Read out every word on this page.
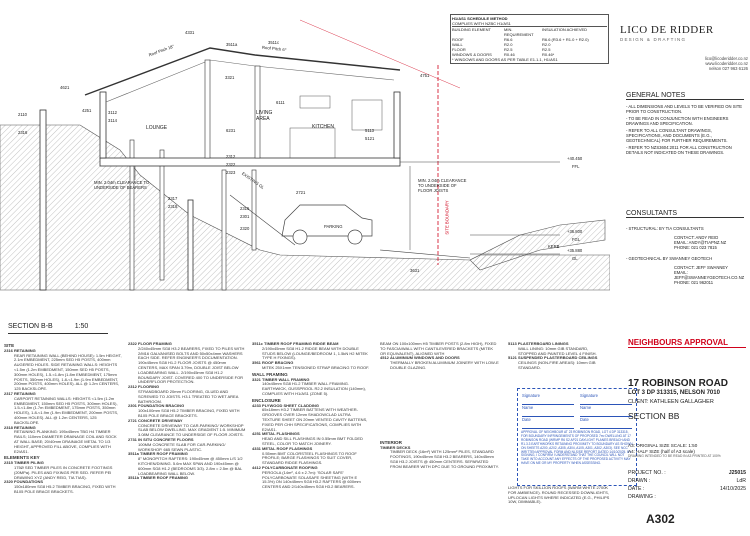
LOUNGE
LIVING AREA
KITCHEN
PARKING
Roof Pitch 18°	Roof Pitch 6°
MIN. 2.04m CLEARANCE TO UNDERSIDE OF FLOOR JOISTS
MIN. 2.04m CLEARANCE TO UNDERSIDE OF BEARERS
SITE BOUNDARY
KERB
EXISTING GL
+40.450
FFL
+36.800
FGL
+35.880
GL
4331
3511a	3511c
4621
3321	4751
2110
2316
2317
2318
3112
3114
4251
6111
6231	5113
5121
2312
2322
2323
2315
2301
2320
2721
3631
SECTION B-B	1:50
H1/AS1 SCHEDULE METHOD
COMPLIES WITH NZBC H1/AS1
BUILDING ELEMENT	MIN. REQUIREMENT
INSULATION ACHIEVED
ROOF	R6.6	R6.6 (R3.6 + R1.0 + R2.0)
WALL	R2.0	R2.0
FLOOR	R2.5	R2.5
WINDOWS & DOORS	R0.46	R0.46*
* WINDOWS AND DOORS AS PER TABLE E1.1.1, H1/AS1
LICO DE RIDDER
DESIGN & DRAFTING
lico@licoderidder.co.nz
www.licoderidder.co.nz
nelson 027 963 6126
GENERAL NOTES
- ALL DIMENSIONS AND LEVELS TO BE VERIFIED ON SITE PRIOR TO CONSTRUCTION.
- TO BE READ IN CONJUNCTION WITH ENGINEERS DRAWINGS AND SPECIFICATION.
- REFER TO ALL CONSULTANT DRAWINGS, SPECIFICATIONS, AND DOCUMENTS (E.G., GEOTECHNICAL) FOR FURTHER REQUIREMENTS.
- REFER TO NZS3604:2011 FOR ALL CONSTRUCTION DETAILS NOT INDICATED ON THESE DRAWINGS.
CONSULTANTS
- STRUCTURAL: BY TIA CONSULTANTS
CONTACT: ANDY REID
EMAIL: ANDY@TIAPNZ.NZ
PHONE: 021 023 7815
- GEOTECHNICAL BY SWANNEY GEOTECH
CONTACT: JEFF SWANNEY
EMAIL: JEFF@SWANNEYGEOTECH.CO.NZ
PHONE: 021 962011
NEIGHBOURS APPROVAL
Signature
Name
Date
Signature
Name
Date
APPROVAL OF NEIGHBOUR AT 23 ROBINSON ROAD, LOT 4 DP 313315, FOR BOUNDARY INFRINGEMENTS OF PROPOSED 7m² DWELLING AT 17 ROBINSON ROAD (WRMP R6 S2 AP21 DAYLIGHT PLANES BREACH AND R1.3.3 EARTHWORKS RETAINING PROXIMITY TO BOUNDARY AS SHOWN ON SHEETS A200, A202, A305, A304, A105, A301, A302, A303). SEE NCC WRITTEN APPROVAL FORM AND NLS/SE REPORT DATED 14/10/2025. BY SIGNING, I CONFIRM I UNDERSTAND THAT THE COUNCIL WILL NOT TAKE INTO ACCOUNT ANY EFFECTS OF THE PROPOSED ACTIVITY MAY HAVE ON ME OR MY PROPERTY WHEN ASSESSING.
17 ROBINSON ROAD
LOT 3 DP 313315, NELSON 7010
CLIENT: KATHLEEN GALLAGHER
SECTION BB
A3: ORIGINAL SIZE SCALE: 1:50
A4: HALF SIZE (half of A3 scale)
DRAWING INTENDED TO BE READ IN A3 PRINTED AT 100%
PROJECT NO. :	J25015
DRAWN :	LdR
DATE :	14/10/2025
DRAWING :
A302
SITE
2316 RETAINING
REAR RETAINING WALL (BEHIND HOUSE): 1.5m HEIGHT, 2.1m EMBEDMENT, 225mm SED H5 POSTS, 400mm AUGERED HOLES. SIDE RETAINING WALLS: HEIGHTS <1.5m (1.2m EMBEDMENT, 150mm SED H5 POSTS, 300mm HOLES), 1.5-<1.8m (1.8m EMBEDMENT, 175mm POSTS, 350mm HOLES), 1.8-<1.9m (1.9m EMBEDMENT, 200mm POSTS, 400mm HOLES). ALL @ 1.2m CENTERS, 125 BACKSLOPE.
2317 RETAINING
CARPORT RETAINING WALLS: HEIGHTS <1.5m (1.2m EMBEDMENT, 150mm SED H5 POSTS, 300mm HOLES), 1.5-<1.8m (1.7m EMBEDMENT, 175mm POSTS, 350mm HOLES), 1.8-<1.9m (1.9m EMBEDMENT, 200mm POSTS, 400mm HOLES). ALL @ 1.2m CENTERS, 125 BACKSLOPE.
2318 RETAINING
RETAINING PLANKING: 195x45mm TBG H4 TIMBER RAILS; 110mm DIAMETER DRAINAGE COIL AND SOCK AT WALL BASE; 20/40mm DRAINAGE METAL TO 1/3 HEIGHT, APPROVED FILL ABOVE, COMPLIES WITH E2/AS1.
ELEMENTS KEY
2315 TIMBER PILING
175Ø SED TIMBER PILES IN CONCRETE FOOTINGS (20MPa). PILES AND FIXINGS PER SED. REFER PEI DRAWING XYZ (ANDY REID, TIA TIAS).
2320 FOUNDATIONS
150x180mm SG8 H5.2 TIMBER BRACING, FIXED WITH B105 POLE BRACE BRACKETS.
2322 FLOOR FRAMING
2/240x45mm SG8 H3.2 BEARERS, FIXED TO PILES WITH 2/M16 GALVANISED BOLTS AND 50x50x4mm WASHERS EACH SIDE. REFER ENGINEER'S DOCUMENTATION. 190x45mm SG8 H1.2 FLOOR JOISTS @ 450mm CENTERS, MAX SPAN 3.79m, DOUBLE JOIST BELOW LOADBEARING WALL. 2/190x45mm SG8 H1.2 BOUNDARY JOIST. COVERED 400 TO UNDERSIDE FOR UNDERFLOOR PROTECTION.
2312 FLOORING
STRANDBOARD 20mm FLOORING, GLUED AND SCREWED TO JOISTS. H3.1 TREATED TO WET AREA BATHROOM.
2301 FOUNDATION BRACING
100x100mm SG8 H5.2 TIMBER BRACING, FIXED WITH B105 POLE BRACE BRACKETS.
2721 CONCRETE DRIVEWAY
CONCRETE DRIVEWAY TO CAR-PARKING/ WORKSHOP SLAB BELOW DWELLING. MAX GRADIENT 1:5. MINIMUM 3.08M CLEARANCE TO UNDERSIDE OF FLOOR JOISTS.
2731 IN SITU CONCRETE FLOORS
100MM CONCRETE SLAB FOR CAR-PARKING/ WORKSHOP. 665 SEWN PLASTIC.
3511a TIMBER ROOF FRAMING
8° MONOPITCH RAFTERS: 190x45mm @ 450mm L/S 1/2 KITCHEN/DINING. 5.6m MAX SPAN AND 190x45mm @ 600mm SG8 H1.2 (BEDROOMS 3/3). 2.8m = 2.5m @ BAL LOADBEARING WALL BELOW.
3511b TIMBER ROOF FRAMING
3511c TIMBER ROOF FRAMING RIDGE BEAM
2/190x45mm SG8 H1.2 RIDGE BEAM WITH DOUBLE STUDS BELOW (LOUNGE/BEDROOM 1, 1.5kN H2 MITEK TYPE H FIXINGS).
3561 ROOF BRACING
MITEK 25X1mm TENSIONED STRAP BRACING TO ROOF.
WALL FRAMING
3321 TIMBER WALL FRAMING
140x45mm SG8 H1.2 TIMBER WALL FRAMING. EARTHWICK, GUSSPROOL R2.2 INSULATION (140mm), COMPLIES WITH H1/AS1 (ZONE 5).
ENCLOSURE
4233 PLYWOOD SHEET CLADDING
65x18mm H3.2 TIMBER BATTENS WITH WEATHER-GROOVES OVER 12mm SHADOWCLAD ULTRA TEXTURE SHEET ON 20mm VENTED CAVITY BATTENS, FIXED PER CHH SPECIFICATIONS, COMPLIES WITH E2/AS1.
4251 METAL FLASHINGS
HEAD AND SILL FLASHINGS IN 0.55mm BMT FOLDED STEEL, COLOR TO MATCH JOINERY.
4331 METAL ROOF FLASHINGS
0.55mm BMT COLORSTEEL FLASHINGS TO ROOF PROFILE; BARGE FLASHINGS TO SUIT COVER, STANDARD RIDGE FLASHINGS.
4412 POLYCARBONATE ROOFING
PERGOLA (14m², 4.6 x 2.7m): 'SOLAR SAFE' POLYCARBONATE SOLASAFE SHEETING (WITH E 15.3%) ON 140x45mm SG8 H3.2 RAFTERS @ 600mm CENTERS AND 2/140x45mm SG8 H3.2 BEARERS.
BEAM ON 100x100mm H5 TIMBER POSTS (2.8m HIGH), FIXED TO FASCIA/WALL WITH CANTILEVERED BRACKETS (MITEK OR EQUIVALENT), ALIGNED WITH
4512 ALUMINIUM WINDOWS AND DOORS
THERMALLY BROKEN ALUMINIUM JOINERY WITH LOW-E DOUBLE GLAZING.
INTERIOR
TIMBER DECKS
TIMBER DECK (16m²) WITH 125mm² PILES, STANDARD FOOTINGS, 190x45mm SG8 H3.2 BEARERS, 140x45mm SG8 H3.2 JOISTS @ 450mm CENTERS. SEPARATED FROM BEARER WITH DPC DUE TO GROUND PROXIMITY.
5113 PLASTERBOARD LININGS
WALL LINING: 10mm GIB STANDARD, STOPPED AND PAINTED LEVEL 4 FINISH.
5121 SUSPENDED PLASTERBOARD CEILINGS
CEILINGS (NON-FIRE AREAS): 10mm GIB STANDARD.
LIGHTS FOR SKILLION ROOFS (WARM WHITE 2700K FOR AMBIENCE). ROUND RECESSED DOWNLIGHTS, UPLOCAN LIGHTS WHERE INDICATED (E.G., PHILIPS 10W, DIMMABLE).
